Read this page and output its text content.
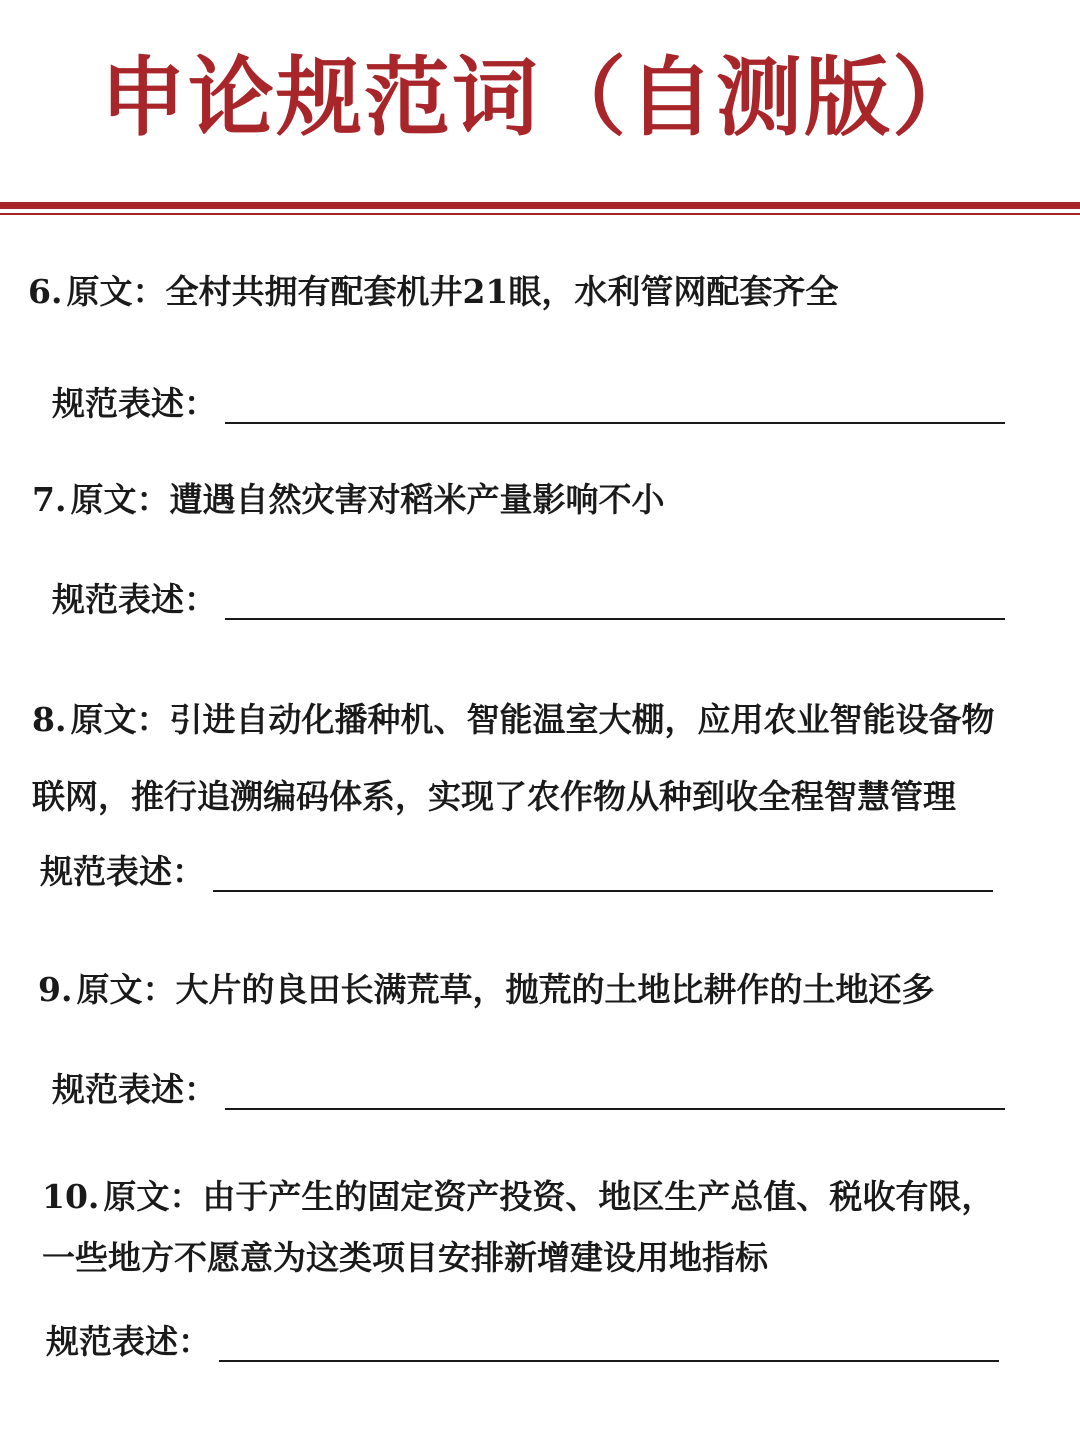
申论规范词（自测版）
6. 原文：全村共拥有配套机井21眼，水利管网配套齐全
规范表述：
7. 原文：遭遇自然灾害对稻米产量影响不小
规范表述：
8. 原文：引进自动化播种机、智能温室大棚，应用农业智能设备物
联网，推行追溯编码体系，实现了农作物从种到收全程智慧管理
规范表述：
9. 原文：大片的良田长满荒草，抛荒的土地比耕作的土地还多
规范表述：
10. 原文：由于产生的固定资产投资、地区生产总值、税收有限，
一些地方不愿意为这类项目安排新增建设用地指标
规范表述：
